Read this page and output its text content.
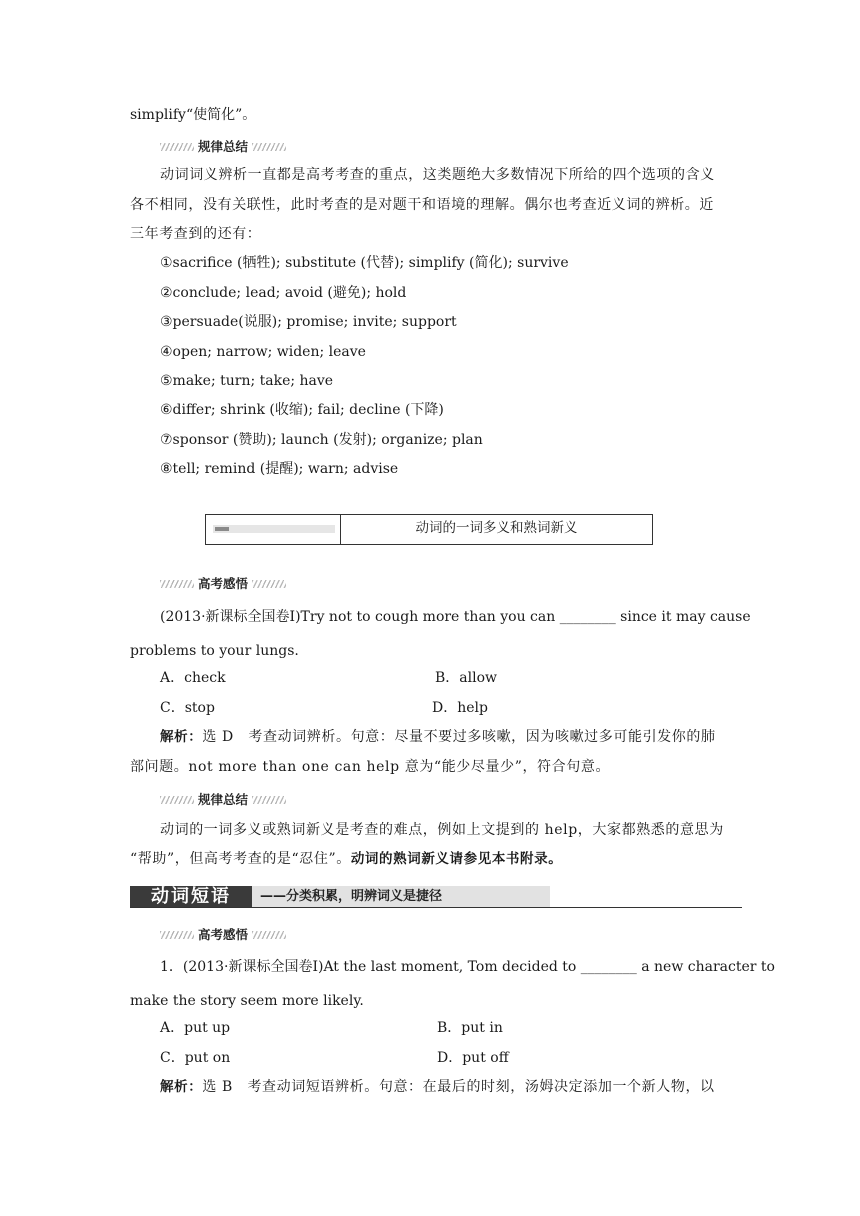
simplify“使简化”。
规律总结
动词词义辨析一直都是高考考查的重点，这类题绝大多数情况下所给的四个选项的含义
各不相同，没有关联性，此时考查的是对题干和语境的理解。偶尔也考查近义词的辨析。近
三年考查到的还有：
①sacrifice (牺牲); substitute (代替); simplify (简化); survive
②conclude; lead; avoid (避免); hold
③persuade(说服); promise; invite; support
④open; narrow; widen; leave
⑤make; turn; take; have
⑥differ; shrink (收缩); fail; decline (下降)
⑦sponsor (赞助); launch (发射); organize; plan
⑧tell; remind (提醒); warn; advise
动词的一词多义和熟词新义
高考感悟
(2013·新课标全国卷Ⅰ)Try not to cough more than you can ________ since it may cause
problems to your lungs.
A．check	B．allow
C．stop	D．help
解析：选 D　考查动词辨析。句意：尽量不要过多咳嗽，因为咳嗽过多可能引发你的肺
部问题。not more than one can help 意为“能少尽量少”，符合句意。
规律总结
动词的一词多义或熟词新义是考查的难点，例如上文提到的 help，大家都熟悉的意思为
“帮助”，但高考考查的是“忍住”。动词的熟词新义请参见本书附录。
动词短语	——分类积累，明辨词义是捷径
高考感悟
1．(2013·新课标全国卷Ⅰ)At the last moment, Tom decided to ________ a new character to
make the story seem more likely.
A．put up	B．put in
C．put on	D．put off
解析：选 B　考查动词短语辨析。句意：在最后的时刻，汤姆决定添加一个新人物，以
